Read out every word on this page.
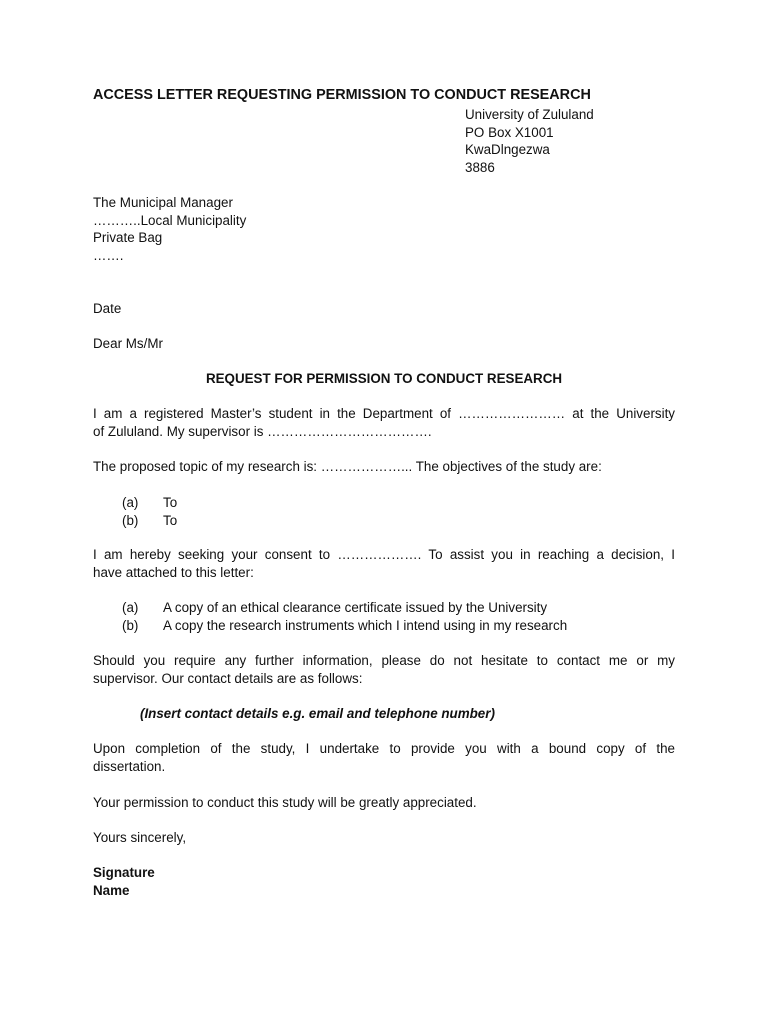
ACCESS LETTER REQUESTING PERMISSION TO CONDUCT RESEARCH
University of Zululand
PO Box X1001
KwaDlngezwa
3886
The Municipal Manager
………..Local Municipality
Private Bag
…….
Date
Dear Ms/Mr
REQUEST FOR PERMISSION TO CONDUCT RESEARCH
I am a registered Master’s student in the Department of …………………… at the University
of Zululand. My supervisor is ……………………………….
The proposed topic of my research is: ………………... The objectives of the study are:
(a)	To
(b)	To
I am hereby seeking your consent to ………………. To assist you in reaching a decision, I
have attached to this letter:
(a)	A copy of an ethical clearance certificate issued by the University
(b)	A copy the research instruments which I intend using in my research
Should you require any further information, please do not hesitate to contact me or my
supervisor. Our contact details are as follows:
(Insert contact details e.g. email and telephone number)
Upon completion of the study, I undertake to provide you with a bound copy of the
dissertation.
Your permission to conduct this study will be greatly appreciated.
Yours sincerely,
Signature
Name
